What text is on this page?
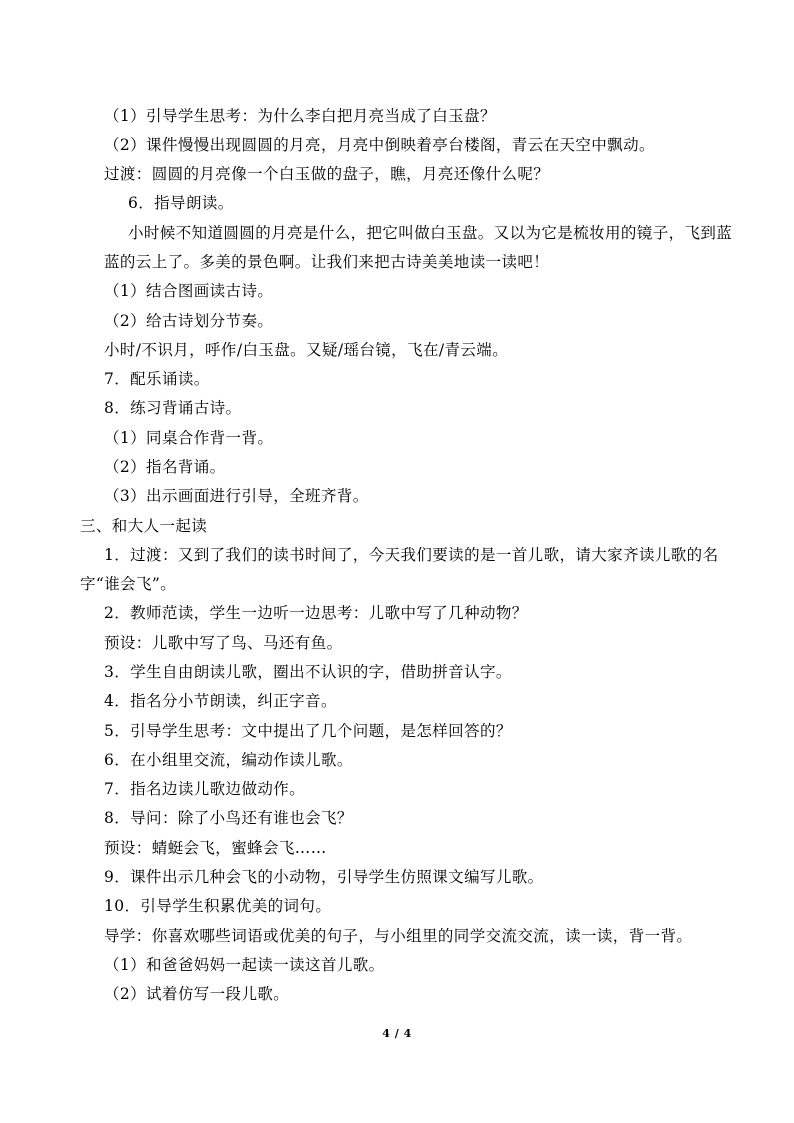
（1）引导学生思考：为什么李白把月亮当成了白玉盘？
（2）课件慢慢出现圆圆的月亮，月亮中倒映着亭台楼阁，青云在天空中飘动。
过渡：圆圆的月亮像一个白玉做的盘子，瞧，月亮还像什么呢？
6．指导朗读。
小时候不知道圆圆的月亮是什么，把它叫做白玉盘。又以为它是梳妆用的镜子，飞到蓝
蓝的云上了。多美的景色啊。让我们来把古诗美美地读一读吧！
（1）结合图画读古诗。
（2）给古诗划分节奏。
小时/不识月，呼作/白玉盘。又疑/瑶台镜，飞在/青云端。
7．配乐诵读。
8．练习背诵古诗。
（1）同桌合作背一背。
（2）指名背诵。
（3）出示画面进行引导，全班齐背。
三、和大人一起读
1．过渡：又到了我们的读书时间了，今天我们要读的是一首儿歌，请大家齐读儿歌的名
字“谁会飞”。
2．教师范读，学生一边听一边思考：儿歌中写了几种动物？
预设：儿歌中写了鸟、马还有鱼。
3．学生自由朗读儿歌，圈出不认识的字，借助拼音认字。
4．指名分小节朗读，纠正字音。
5．引导学生思考：文中提出了几个问题，是怎样回答的？
6．在小组里交流，编动作读儿歌。
7．指名边读儿歌边做动作。
8．导问：除了小鸟还有谁也会飞？
预设：蜻蜓会飞，蜜蜂会飞……
9．课件出示几种会飞的小动物，引导学生仿照课文编写儿歌。
10．引导学生积累优美的词句。
导学：你喜欢哪些词语或优美的句子，与小组里的同学交流交流，读一读，背一背。
（1）和爸爸妈妈一起读一读这首儿歌。
（2）试着仿写一段儿歌。
4 / 4
